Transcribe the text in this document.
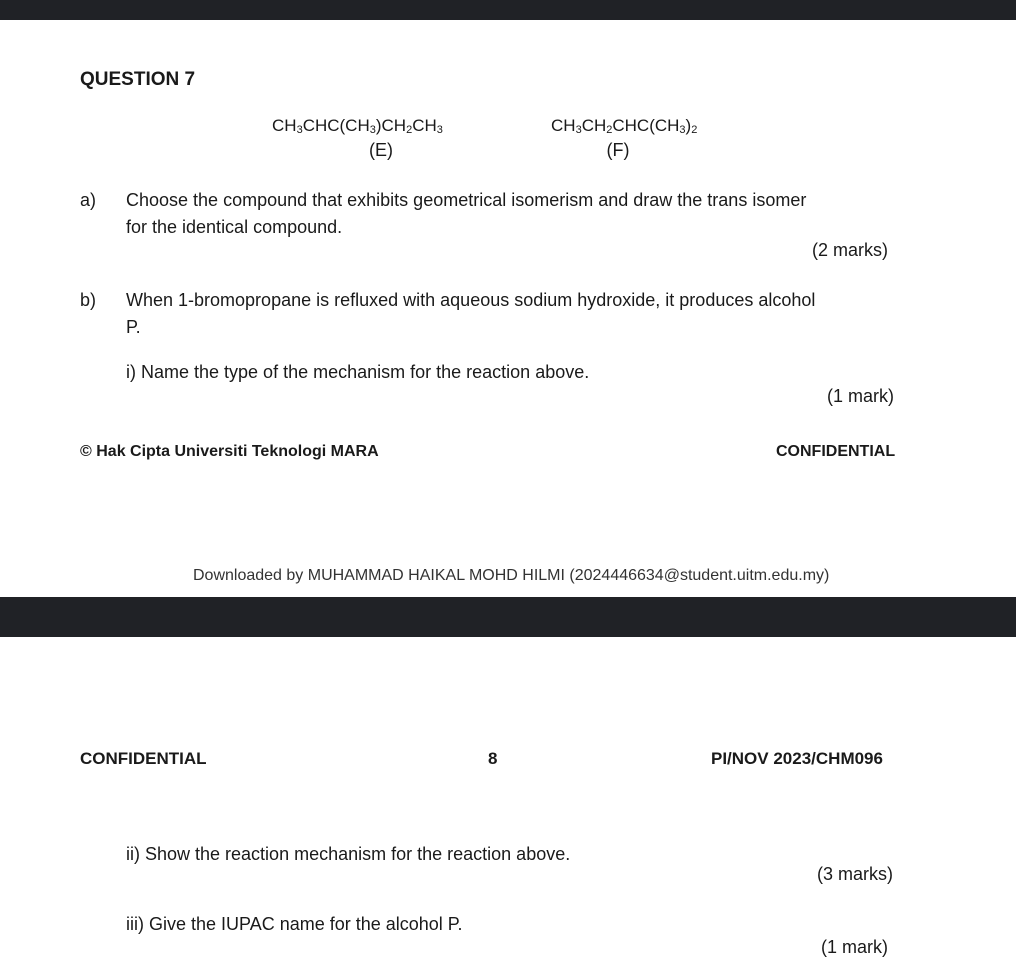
QUESTION 7
$CH_3CHC(CH_3)CH_2CH_3$
(E)
$CH_3CH_2CHC(CH_3)_2$
(F)
a) Choose the compound that exhibits geometrical isomerism and draw the trans isomer
for the identical compound.
(2 marks)
b) When 1-bromopropane is refluxed with aqueous sodium hydroxide, it produces alcohol
P.
i) Name the type of the mechanism for the reaction above.
(1 mark)
© Hak Cipta Universiti Teknologi MARA	CONFIDENTIAL
Downloaded by MUHAMMAD HAIKAL MOHD HILMI (2024446634@student.uitm.edu.my)
CONFIDENTIAL	8	PI/NOV 2023/CHM096
ii) Show the reaction mechanism for the reaction above.
(3 marks)
iii) Give the IUPAC name for the alcohol P.
(1 mark)
